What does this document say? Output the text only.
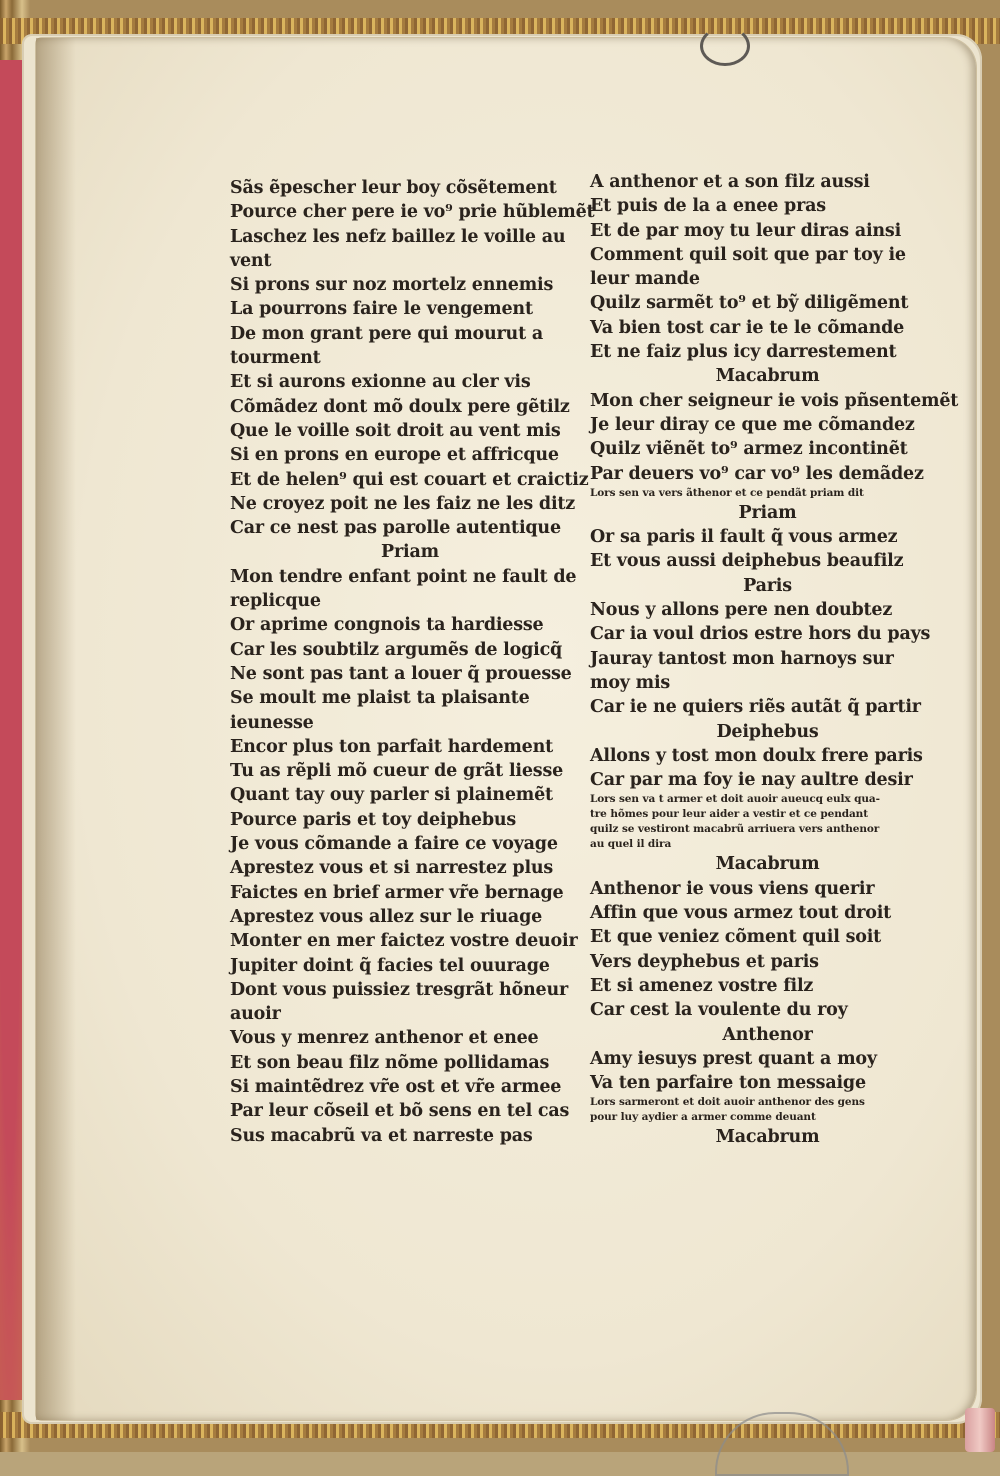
Sãs ẽpescher leur boy cõsẽtement
Pource cher pere ie vo⁹ prie hũblemẽt
Laschez les nefz baillez le voille au
vent
Si prons sur noz mortelz ennemis
La pourrons faire le vengement
De mon grant pere qui mourut a
tourment
Et si aurons exionne au cler vis
Cõmãdez dont mõ doulx pere gẽtilz
Que le voille soit droit au vent mis
Si en prons en europe et affricque
Et de helen⁹ qui est couart et craictiz
Ne croyez poit ne les faiz ne les ditz
Car ce nest pas parolle autentique
Priam
Mon tendre enfant point ne fault de
replicque
Or aprime congnois ta hardiesse
Car les soubtilz argumẽs de logicq̃
Ne sont pas tant a louer q̃ prouesse
Se moult me plaist ta plaisante
ieunesse
Encor plus ton parfait hardement
Tu as rẽpli mõ cueur de grãt liesse
Quant tay ouy parler si plainemẽt
Pource paris et toy deiphebus
Je vous cõmande a faire ce voyage
Aprestez vous et si narrestez plus
Faictes en brief armer vr̃e bernage
Aprestez vous allez sur le riuage
Monter en mer faictez vostre deuoir
Jupiter doint q̃ facies tel ouurage
Dont vous puissiez tresgrãt hõneur
auoir
Vous y menrez anthenor et enee
Et son beau filz nõme pollidamas
Si maintẽdrez vr̃e ost et vr̃e armee
Par leur cõseil et bõ sens en tel cas
Sus macabrũ va et narreste pas
A anthenor et a son filz aussi
Et puis de la a enee pras
Et de par moy tu leur diras ainsi
Comment quil soit que par toy ie
leur mande
Quilz sarmẽt to⁹ et bỹ diligẽment
Va bien tost car ie te le cõmande
Et ne faiz plus icy darrestement
Macabrum
Mon cher seigneur ie vois pñsentemẽt
Je leur diray ce que me cõmandez
Quilz viẽnẽt to⁹ armez incontinẽt
Par deuers vo⁹ car vo⁹ les demãdez
Lors sen va vers ãthenor et ce pendãt priam dit
Priam
Or sa paris il fault q̃ vous armez
Et vous aussi deiphebus beaufilz
Paris
Nous y allons pere nen doubtez
Car ia voul drios estre hors du pays
Jauray tantost mon harnoys sur
moy mis
Car ie ne quiers riẽs autãt q̃ partir
Deiphebus
Allons y tost mon doulx frere paris
Car par ma foy ie nay aultre desir
Lors sen va t armer et doit auoir aueucq eulx qua-
tre hõmes pour leur aider a vestir et ce pendant
quilz se vestiront macabrũ arriuera vers anthenor
au quel il dira
Macabrum
Anthenor ie vous viens querir
Affin que vous armez tout droit
Et que veniez cõment quil soit
Vers deyphebus et paris
Et si amenez vostre filz
Car cest la voulente du roy
Anthenor
Amy iesuys prest quant a moy
Va ten parfaire ton messaige
Lors sarmeront et doit auoir anthenor des gens
pour luy aydier a armer comme deuant
Macabrum
